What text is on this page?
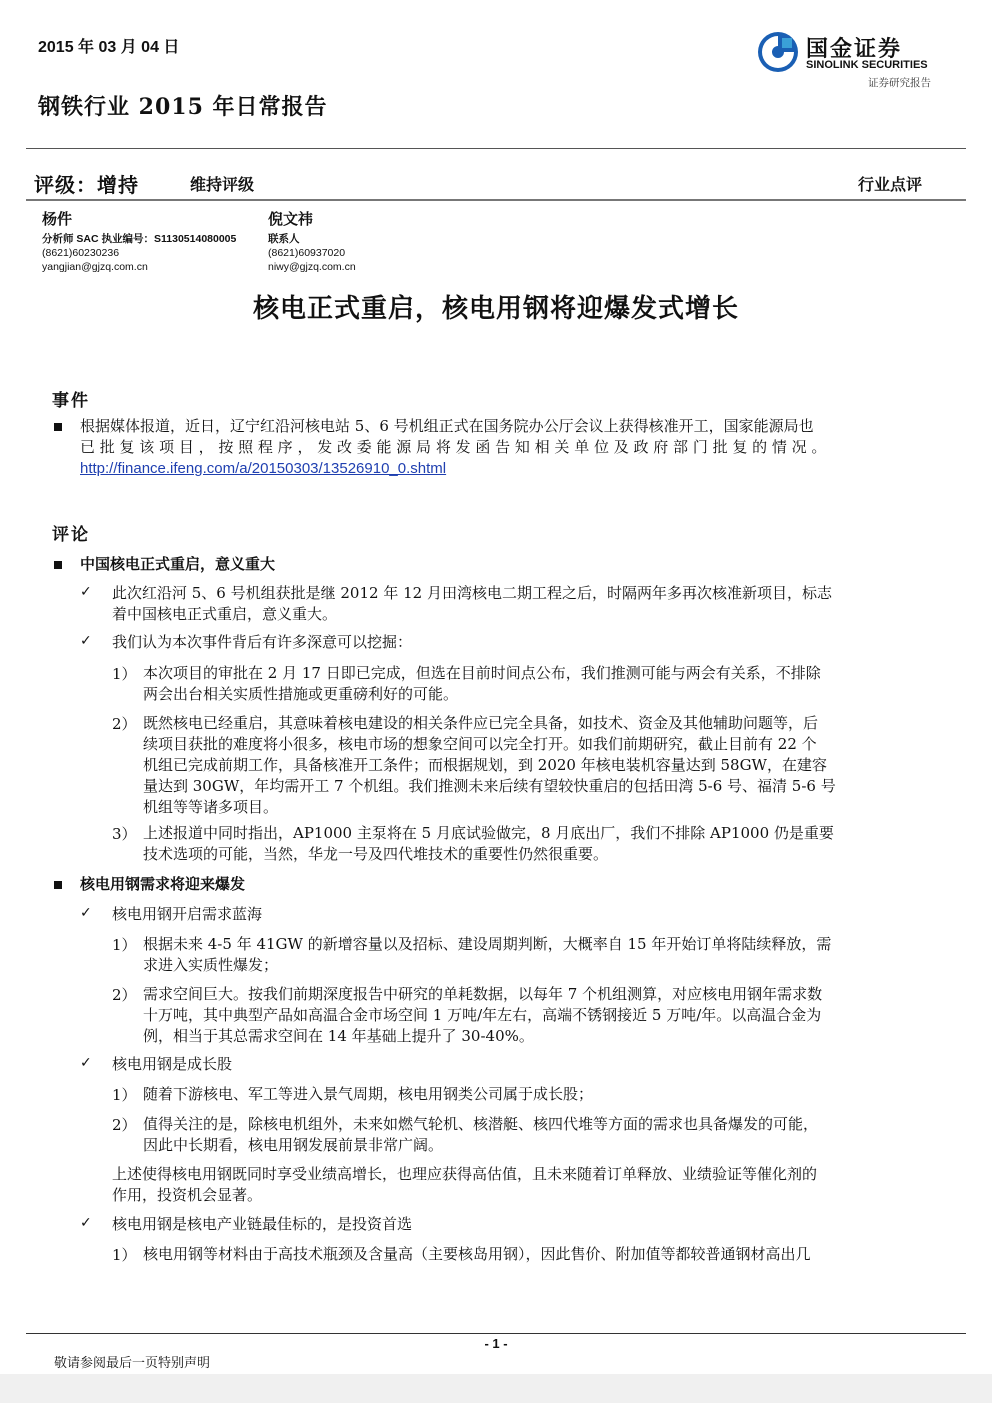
2015 年 03 月 04 日
钢铁行业 2015 年日常报告
国金证券
SINOLINK SECURITIES
证券研究报告
评级：增持	维持评级	行业点评
杨件
分析师 SAC 执业编号：S1130514080005
(8621)60230236
yangjian@gjzq.com.cn
倪文祎
联系人
(8621)60937020
niwy@gjzq.com.cn
核电正式重启，核电用钢将迎爆发式增长
事件
根据媒体报道，近日，辽宁红沿河核电站 5、6 号机组正式在国务院办公厅会议上获得核准开工，国家能源局也
已 批 复 该 项 目 ， 按 照 程 序 ， 发 改 委 能 源 局 将 发 函 告 知 相 关 单 位 及 政 府 部 门 批 复 的 情 况 。
http://finance.ifeng.com/a/20150303/13526910_0.shtml
评论
中国核电正式重启，意义重大
✓ 此次红沿河 5、6 号机组获批是继 2012 年 12 月田湾核电二期工程之后，时隔两年多再次核准新项目，标志
着中国核电正式重启，意义重大。
✓ 我们认为本次事件背后有许多深意可以挖掘：
1） 本次项目的审批在 2 月 17 日即已完成，但选在目前时间点公布，我们推测可能与两会有关系，不排除
两会出台相关实质性措施或更重磅利好的可能。
2） 既然核电已经重启，其意味着核电建设的相关条件应已完全具备，如技术、资金及其他辅助问题等，后
续项目获批的难度将小很多，核电市场的想象空间可以完全打开。如我们前期研究，截止目前有 22 个
机组已完成前期工作，具备核准开工条件；而根据规划，到 2020 年核电装机容量达到 58GW，在建容
量达到 30GW，年均需开工 7 个机组。我们推测未来后续有望较快重启的包括田湾 5-6 号、福清 5-6 号
机组等等诸多项目。
3） 上述报道中同时指出，AP1000 主泵将在 5 月底试验做完，8 月底出厂，我们不排除 AP1000 仍是重要
技术选项的可能，当然，华龙一号及四代堆技术的重要性仍然很重要。
核电用钢需求将迎来爆发
✓ 核电用钢开启需求蓝海
1） 根据未来 4-5 年 41GW 的新增容量以及招标、建设周期判断，大概率自 15 年开始订单将陆续释放，需
求进入实质性爆发；
2） 需求空间巨大。按我们前期深度报告中研究的单耗数据，以每年 7 个机组测算，对应核电用钢年需求数
十万吨，其中典型产品如高温合金市场空间 1 万吨/年左右，高端不锈钢接近 5 万吨/年。以高温合金为
例，相当于其总需求空间在 14 年基础上提升了 30-40%。
✓ 核电用钢是成长股
1） 随着下游核电、军工等进入景气周期，核电用钢类公司属于成长股；
2） 值得关注的是，除核电机组外，未来如燃气轮机、核潜艇、核四代堆等方面的需求也具备爆发的可能，
因此中长期看，核电用钢发展前景非常广阔。
上述使得核电用钢既同时享受业绩高增长，也理应获得高估值，且未来随着订单释放、业绩验证等催化剂的
作用，投资机会显著。
✓ 核电用钢是核电产业链最佳标的，是投资首选
1） 核电用钢等材料由于高技术瓶颈及含量高（主要核岛用钢），因此售价、附加值等都较普通钢材高出几
- 1 -
敬请参阅最后一页特别声明
